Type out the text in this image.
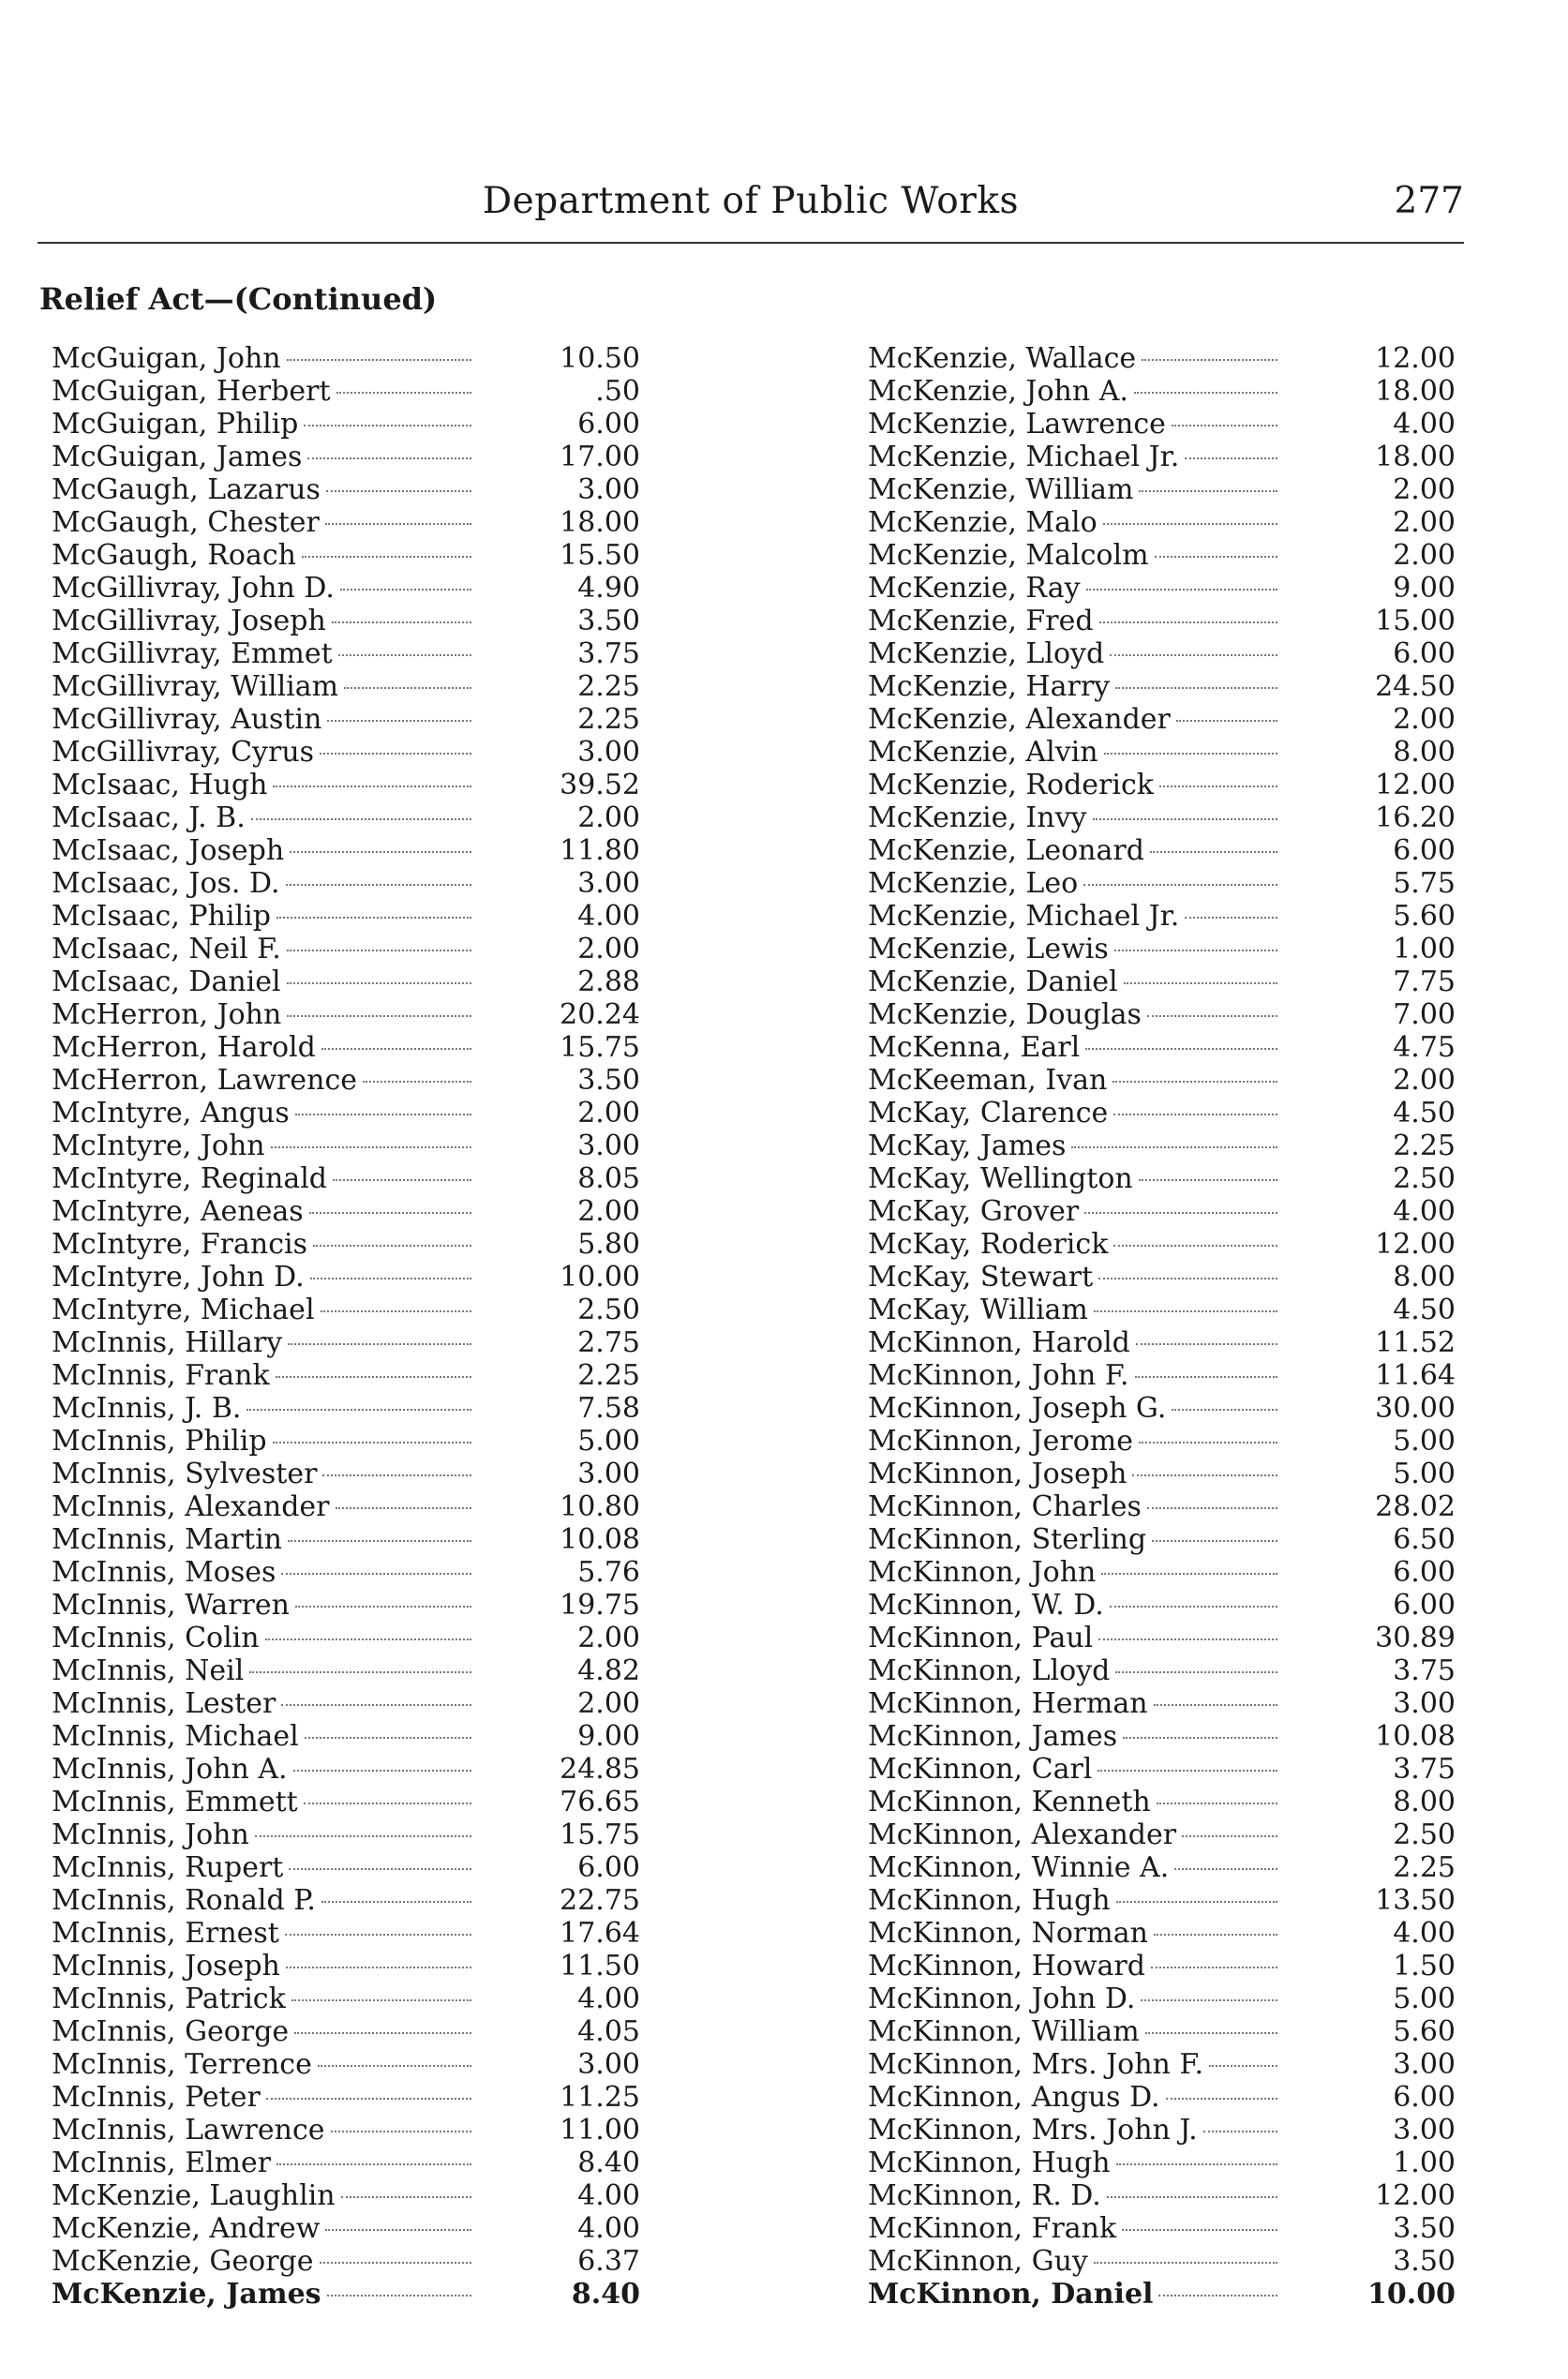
Department of Public Works	277
Relief Act—(Continued)
McGuigan, John	10.50
McGuigan, Herbert	.50
McGuigan, Philip	6.00
McGuigan, James	17.00
McGaugh, Lazarus	3.00
McGaugh, Chester	18.00
McGaugh, Roach	15.50
McGillivray, John D.	4.90
McGillivray, Joseph	3.50
McGillivray, Emmet	3.75
McGillivray, William	2.25
McGillivray, Austin	2.25
McGillivray, Cyrus	3.00
McIsaac, Hugh	39.52
McIsaac, J. B.	2.00
McIsaac, Joseph	11.80
McIsaac, Jos. D.	3.00
McIsaac, Philip	4.00
McIsaac, Neil F.	2.00
McIsaac, Daniel	2.88
McHerron, John	20.24
McHerron, Harold	15.75
McHerron, Lawrence	3.50
McIntyre, Angus	2.00
McIntyre, John	3.00
McIntyre, Reginald	8.05
McIntyre, Aeneas	2.00
McIntyre, Francis	5.80
McIntyre, John D.	10.00
McIntyre, Michael	2.50
McInnis, Hillary	2.75
McInnis, Frank	2.25
McInnis, J. B.	7.58
McInnis, Philip	5.00
McInnis, Sylvester	3.00
McInnis, Alexander	10.80
McInnis, Martin	10.08
McInnis, Moses	5.76
McInnis, Warren	19.75
McInnis, Colin	2.00
McInnis, Neil	4.82
McInnis, Lester	2.00
McInnis, Michael	9.00
McInnis, John A.	24.85
McInnis, Emmett	76.65
McInnis, John	15.75
McInnis, Rupert	6.00
McInnis, Ronald P.	22.75
McInnis, Ernest	17.64
McInnis, Joseph	11.50
McInnis, Patrick	4.00
McInnis, George	4.05
McInnis, Terrence	3.00
McInnis, Peter	11.25
McInnis, Lawrence	11.00
McInnis, Elmer	8.40
McKenzie, Laughlin	4.00
McKenzie, Andrew	4.00
McKenzie, George	6.37
McKenzie, James	8.40
McKenzie, Wallace	12.00
McKenzie, John A.	18.00
McKenzie, Lawrence	4.00
McKenzie, Michael Jr.	18.00
McKenzie, William	2.00
McKenzie, Malo	2.00
McKenzie, Malcolm	2.00
McKenzie, Ray	9.00
McKenzie, Fred	15.00
McKenzie, Lloyd	6.00
McKenzie, Harry	24.50
McKenzie, Alexander	2.00
McKenzie, Alvin	8.00
McKenzie, Roderick	12.00
McKenzie, Invy	16.20
McKenzie, Leonard	6.00
McKenzie, Leo	5.75
McKenzie, Michael Jr.	5.60
McKenzie, Lewis	1.00
McKenzie, Daniel	7.75
McKenzie, Douglas	7.00
McKenna, Earl	4.75
McKeeman, Ivan	2.00
McKay, Clarence	4.50
McKay, James	2.25
McKay, Wellington	2.50
McKay, Grover	4.00
McKay, Roderick	12.00
McKay, Stewart	8.00
McKay, William	4.50
McKinnon, Harold	11.52
McKinnon, John F.	11.64
McKinnon, Joseph G.	30.00
McKinnon, Jerome	5.00
McKinnon, Joseph	5.00
McKinnon, Charles	28.02
McKinnon, Sterling	6.50
McKinnon, John	6.00
McKinnon, W. D.	6.00
McKinnon, Paul	30.89
McKinnon, Lloyd	3.75
McKinnon, Herman	3.00
McKinnon, James	10.08
McKinnon, Carl	3.75
McKinnon, Kenneth	8.00
McKinnon, Alexander	2.50
McKinnon, Winnie A.	2.25
McKinnon, Hugh	13.50
McKinnon, Norman	4.00
McKinnon, Howard	1.50
McKinnon, John D.	5.00
McKinnon, William	5.60
McKinnon, Mrs. John F.	3.00
McKinnon, Angus D.	6.00
McKinnon, Mrs. John J.	3.00
McKinnon, Hugh	1.00
McKinnon, R. D.	12.00
McKinnon, Frank	3.50
McKinnon, Guy	3.50
McKinnon, Daniel	10.00
